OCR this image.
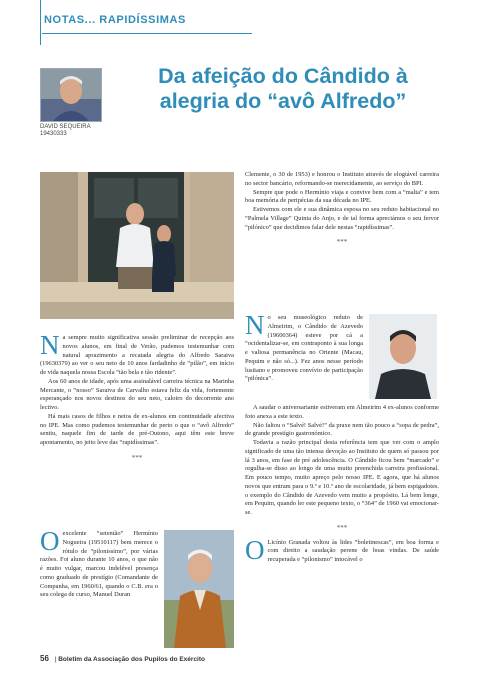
NOTAS... RAPIDÍSSIMAS
DAVID SEQUEIRA
19430333
Da afeição do Cândido à alegria do “avô Alfredo”
N a sempre muito significativa sessão preliminar de recepção aos novos alunos, em final de Verão, pudemos testemunhar com natural aprazimento a recatada alegria do Alfredo Saraiva (19630379) ao ver o seu neto de 10 anos fardadinho de “pilão”, em início de vida naquela nossa Escola “tão bela e tão ridente”.

Aos 60 anos de idade, após uma assinalável carreira técnica na Marinha Mercante, o “nosso” Saraiva de Carvalho estava feliz da vida, fortemente esperançado nos novos destinos do seu neto, caloiro do decorrente ano lectivo.

Há mais casos de filhos e netos de ex-alunos em continuidade afectiva no IPE. Mas como pudemos testemunhar de perto o que o “avô Alfredo” sentiu, naquele fim de tarde de pré-Outono, aqui têm este breve apontamento, no jeito leve das “rapidíssimas”.

***
O excelente “setentão” Hermínio Nogueira (19510117) bem merece o rótulo de “pilonissimo”, por várias razões. Foi aluno durante 10 anos, o que não é muito vulgar, marcou indelével presença como graduado de prestígio (Comandante de Companha, em 1960/61, quando o C.B. era o seu colega de curso, Manuel Duran

Clemente, o 30 de 1953) e honrou o Instituto através de elogiável carreira no sector bancário, reformando-se merecidamente, ao serviço do BPI.

Sempre que pode o Hermínio viaja e convive bem com a “malta” e tem boa memória de peripécias da sua década no IPE.

Estivemos com ele e sua dinâmica esposa no seu reduto habitacional no “Palmela Village” Quinta do Anjo, e de tal forma apreciámos o seu fervor “pilónico” que decidimos falar dele nestas “rapidíssimas”.

***
N o seu museológico reduto de Almeirim, o Cândido de Azevedo (19600364) esteve por cá a “ocidentalizar-se, em contraponto à sua longa e valiosa permanência no Oriente (Macau, Pequim e não só...). Fez anos nesse período lusitano e promoveu convívio de participação “pilónica”.

A saudar o aniversariante estiveram em Almeirim 4 ex-alunos conforme foto anexa a este texto.

Não faltou o “Salvé! Salvé!” da praxe nem tão pouco a “sopa de pedra”, de grande prestígio gastronómico.

Todavia a razão principal desta referência tem que ver com o amplo significado de uma tão intensa devoção ao Instituto de quem só passou por lá 3 anos, em fase de pré adolescência. O Cândido ficou bem “marcado” e orgulha-se disso ao longo de uma muito preenchida carreira profissional. Em pouco tempo, muito apreço pelo nosso IPE. E agora, que há alunos novos que entram para o 9.º e 10.º ano de escolaridade, já bem espigadotes. o exemplo do Cândido de Azevedo vem muito a propósito. Lá bem longe, em Pequim, quando ler este pequeno texto, o “364” de 1960 vai emocionar-se.

***
O Licínio Granada voltou às lides “boletinescas”, em boa forma e com direito a saudação perene de boas vindas. De saúde recuperada e “pilonismo” intocável o

56 | Boletim da Associação dos Pupilos do Exército
